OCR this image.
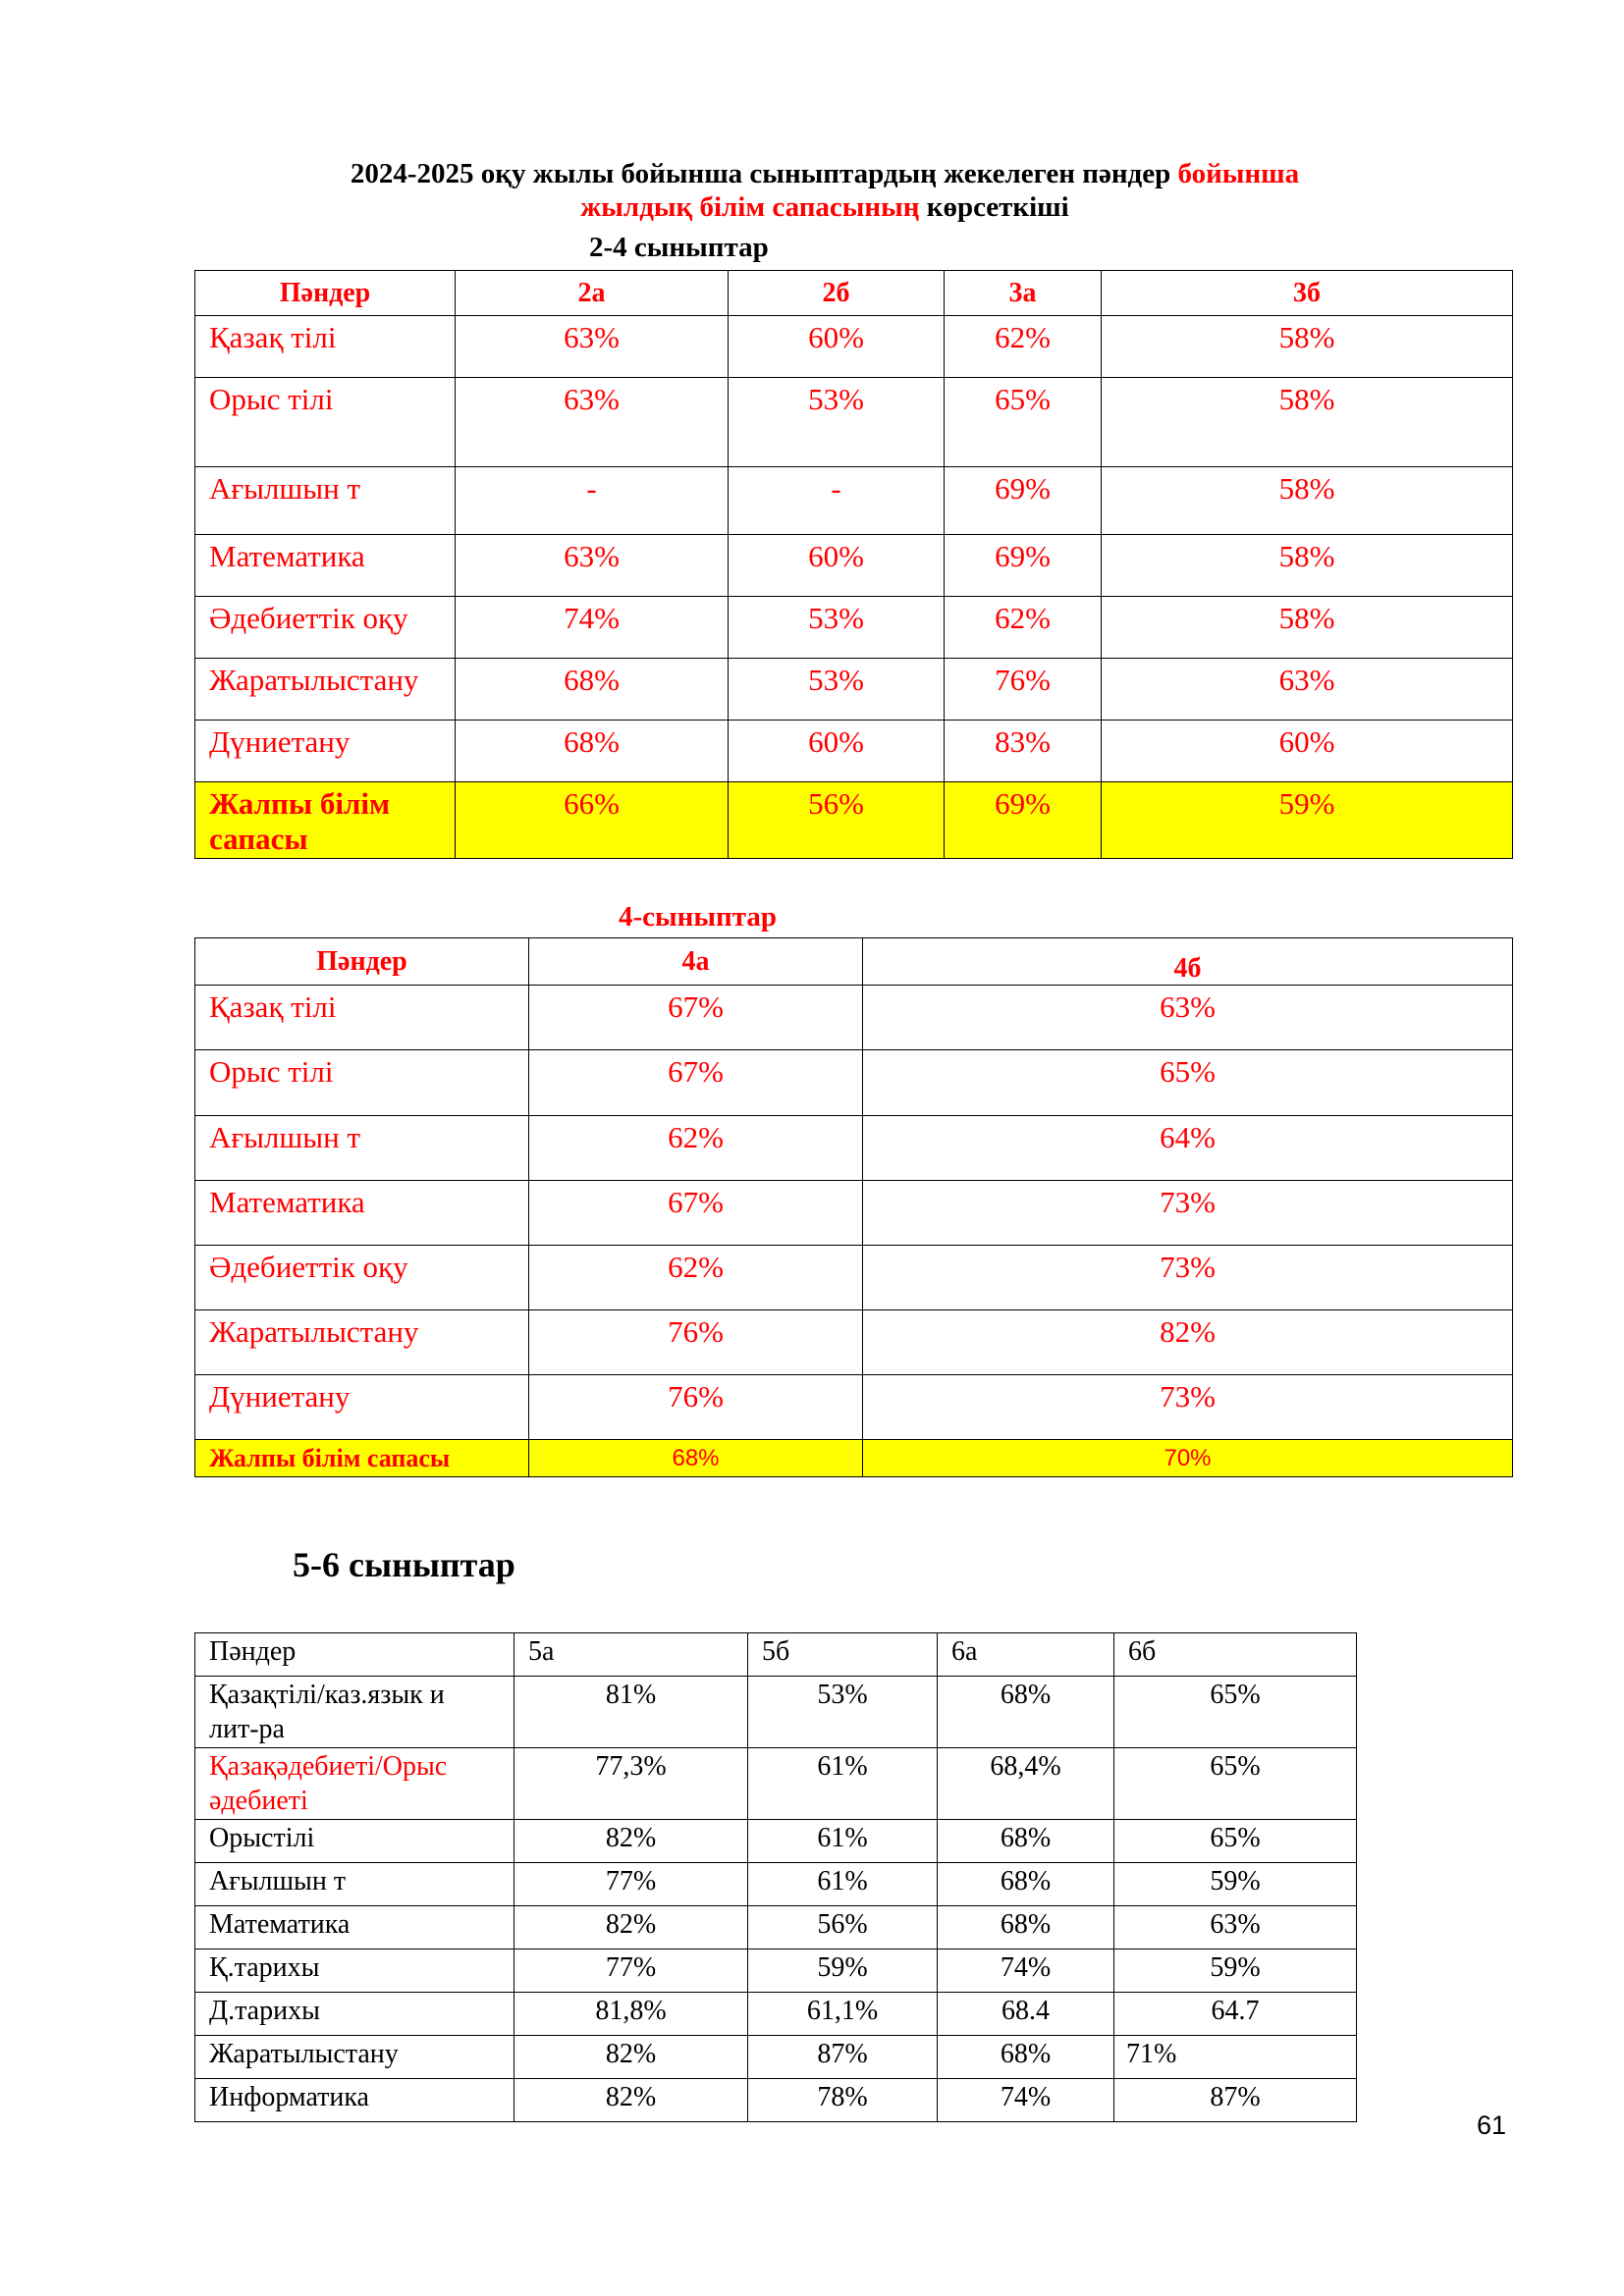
2024-2025 оқу жылы бойынша сыныптардың жекелеген пәндер бойынша
жылдық білім сапасының көрсеткіші
2-4 сыныптар
Пәндер	2а	2б	3а	3б
Қазақ тілі	63%	60%	62%	58%
Орыс тілі	63%	53%	65%	58%
Ағылшын т	-	-	69%	58%
Математика	63%	60%	69%	58%
Әдебиеттік оқу	74%	53%	62%	58%
Жаратылыстану	68%	53%	76%	63%
Дүниетану	68%	60%	83%	60%

Жалпы білім
сапасы	66%	56%	69%	59%
4-сыныптар
Пәндер	4а	4б
Қазақ тілі	67%	63%
Орыс тілі	67%	65%
Ағылшын т	62%	64%
Математика	67%	73%
Әдебиеттік оқу	62%	73%
Жаратылыстану	76%	82%
Дүниетану	76%	73%
Жалпы білім сапасы	68%	70%
5-6 сыныптар
Пәндер	5а	5б	6а	6б

Қазақтілі/каз.язык и
лит-ра	81%	53%	68%	65%

Қазақәдебиеті/Орыс
әдебиеті	77,3%	61%	68,4%	65%
Орыстілі	82%	61%	68%	65%
Ағылшын т	77%	61%	68%	59%
Математика	82%	56%	68%	63%
Қ.тарихы	77%	59%	74%	59%
Д.тарихы	81,8%	61,1%	68.4	64.7
Жаратылыстану	82%	87%	68%	71%
Информатика	82%	78%	74%	87%
61
